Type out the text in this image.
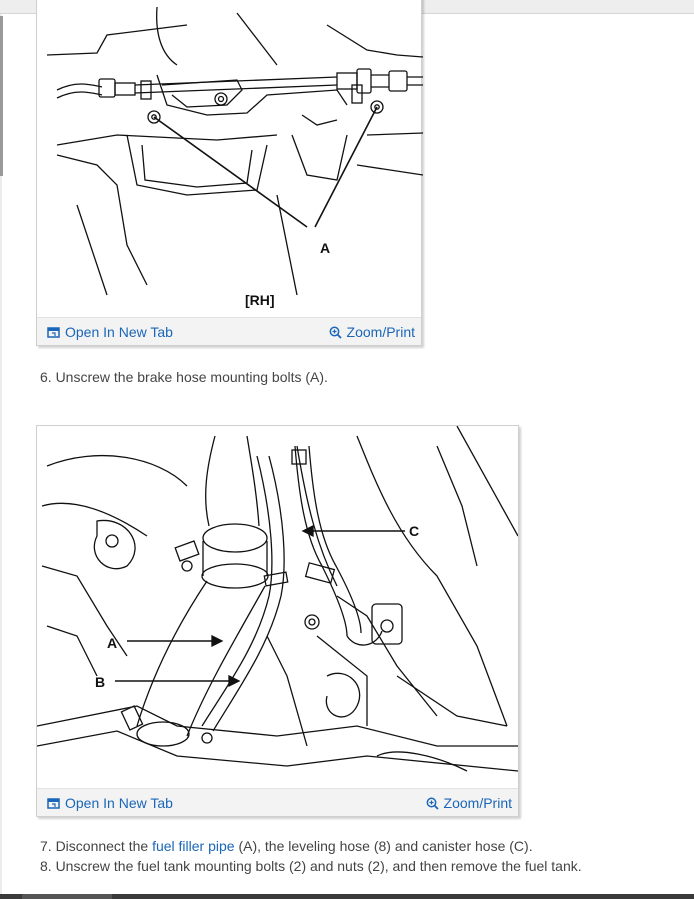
A
[RH]
Open In New Tab	Zoom/Print
6. Unscrew the brake hose mounting bolts (A).
A
B
C
Open In New Tab	Zoom/Print
7. Disconnect the fuel filler pipe (A), the leveling hose (8) and canister hose (C).
8. Unscrew the fuel tank mounting bolts (2) and nuts (2), and then remove the fuel tank.
